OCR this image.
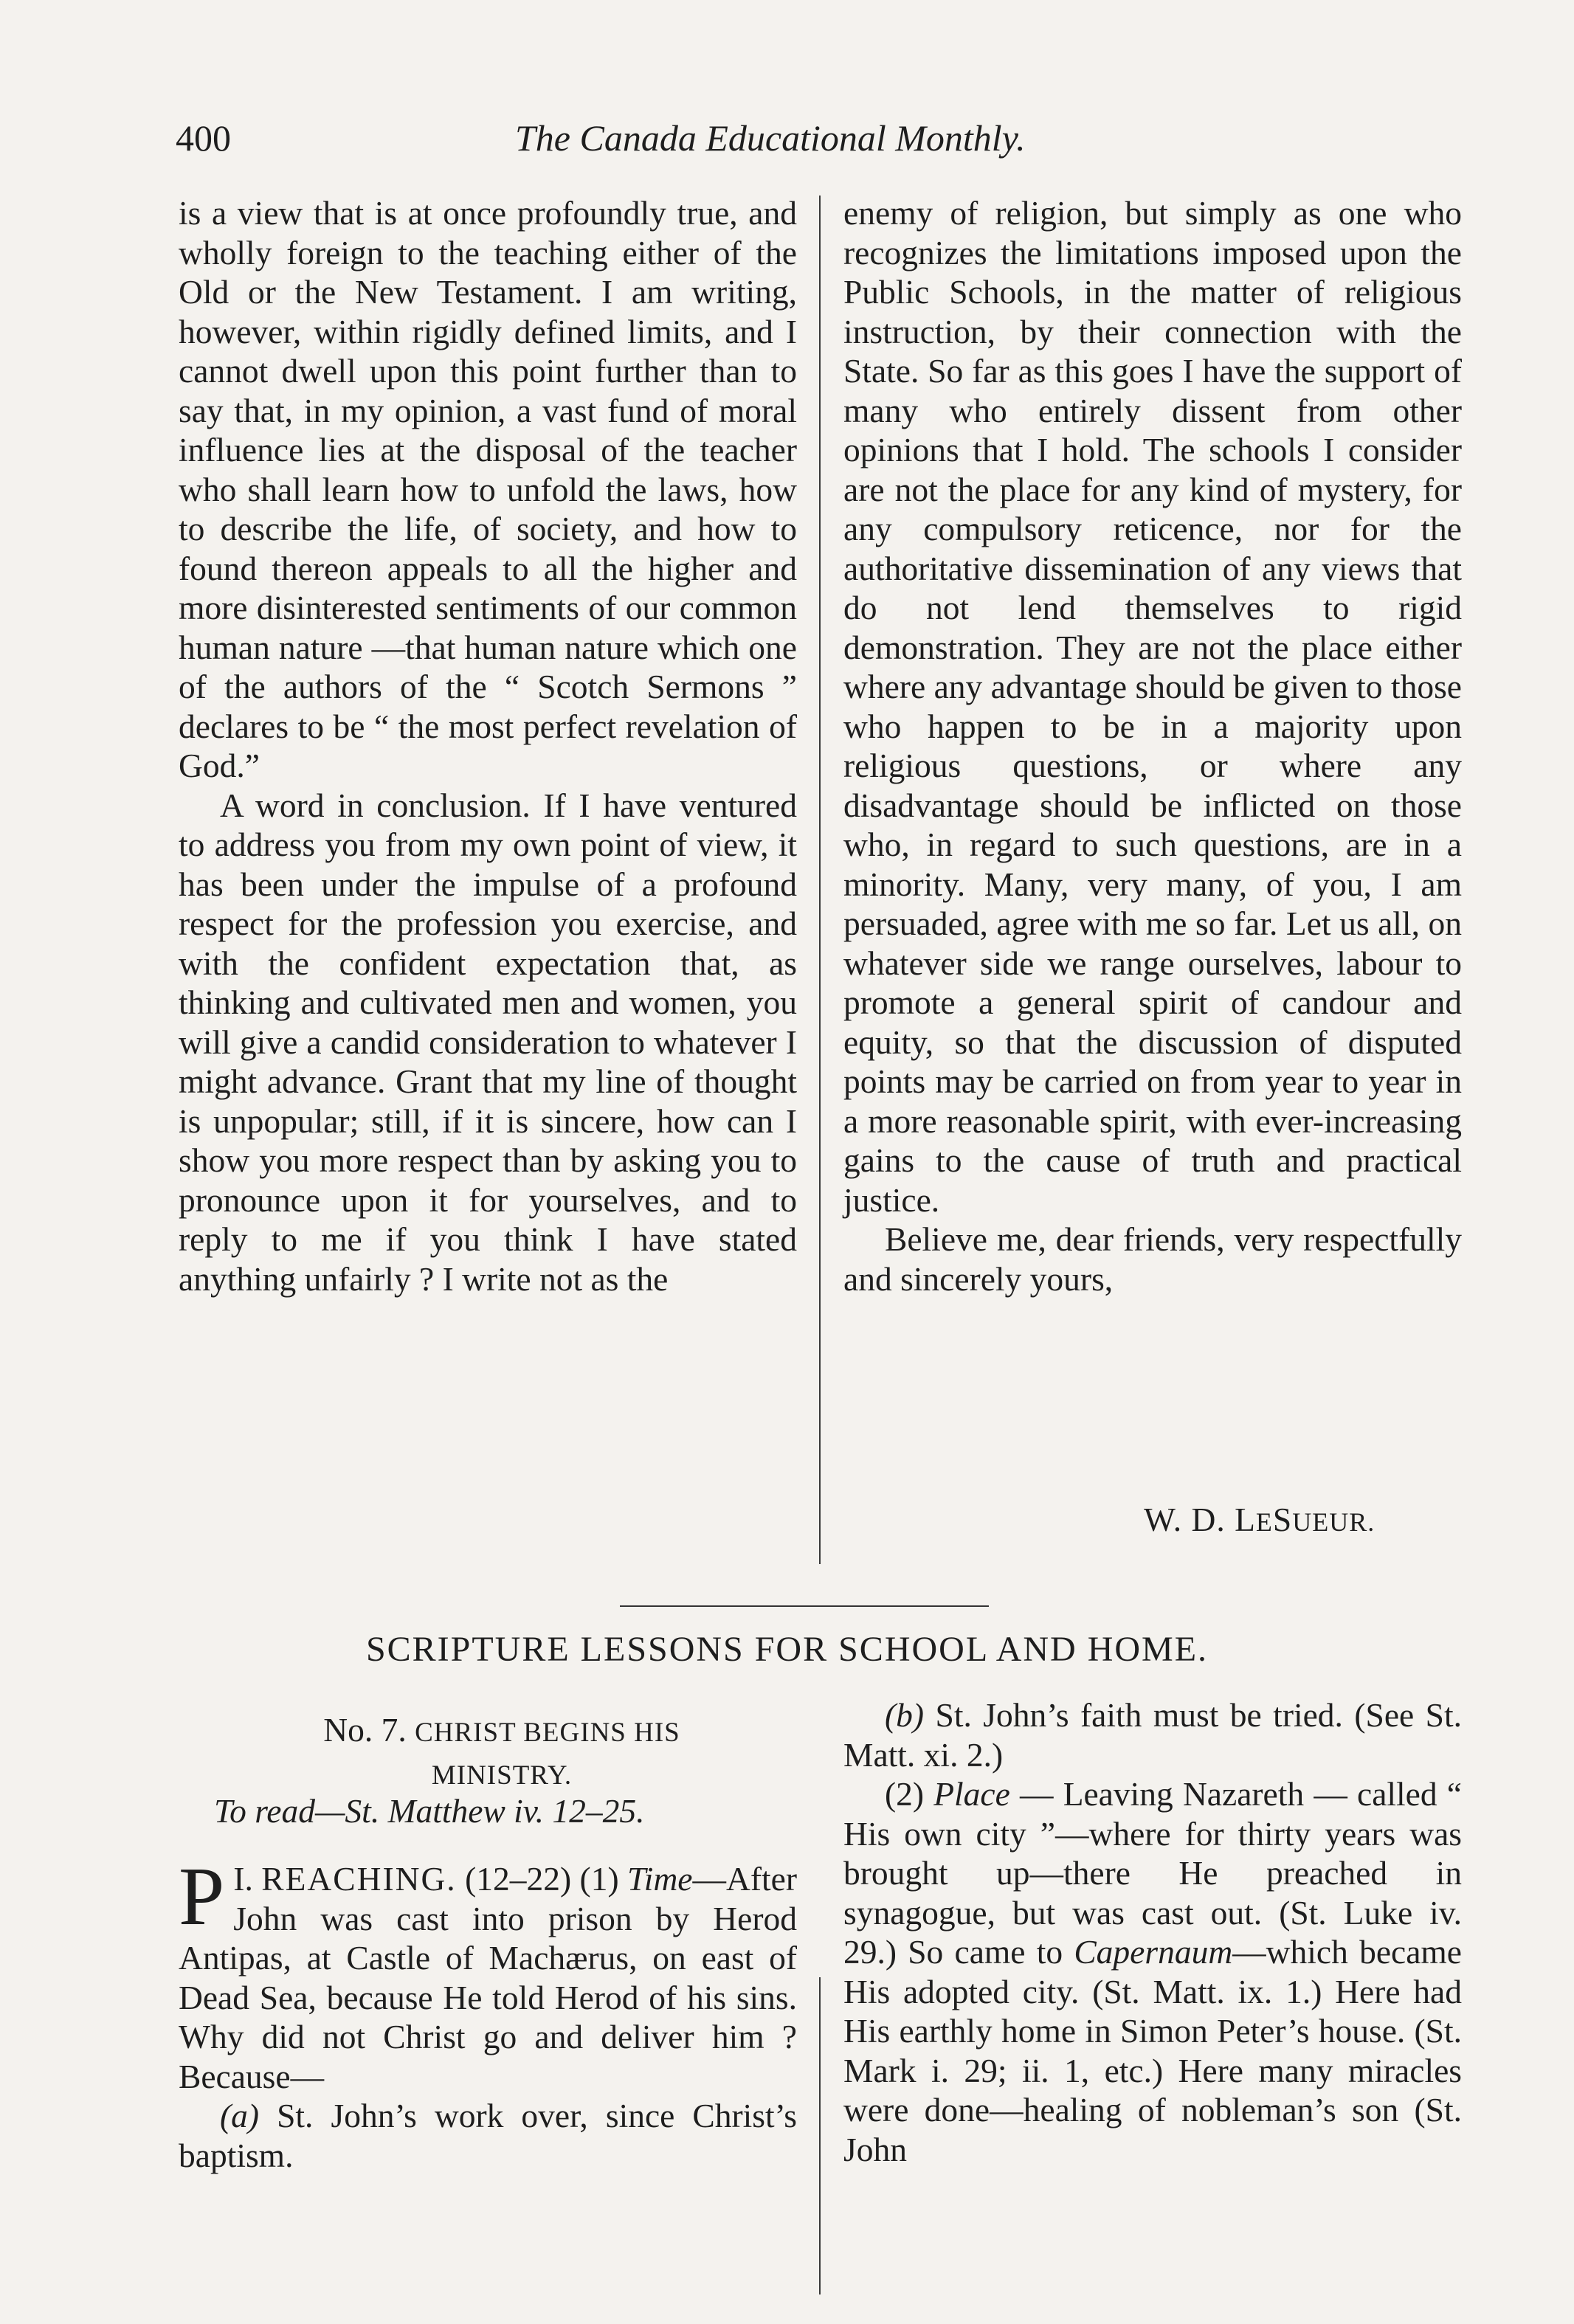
400	The Canada Educational Monthly.

is a view that is at once profoundly true, and wholly foreign to the teaching either of the Old or the New Testament. I am writing, however, within rigidly defined limits, and I cannot dwell upon this point further than to say that, in my opinion, a vast fund of moral influence lies at the disposal of the teacher who shall learn how to unfold the laws, how to describe the life, of society, and how to found thereon appeals to all the higher and more disinterested sentiments of our common human nature —that human nature which one of the authors of the “ Scotch Sermons ” declares to be “ the most perfect revelation of God.”

A word in conclusion. If I have ventured to address you from my own point of view, it has been under the impulse of a profound respect for the profession you exercise, and with the confident expectation that, as thinking and cultivated men and women, you will give a candid consideration to whatever I might advance. Grant that my line of thought is unpopular; still, if it is sincere, how can I show you more respect than by asking you to pronounce upon it for yourselves, and to reply to me if you think I have stated anything unfairly ? I write not as the

enemy of religion, but simply as one who recognizes the limitations imposed upon the Public Schools, in the matter of religious instruction, by their connection with the State. So far as this goes I have the support of many who entirely dissent from other opinions that I hold. The schools I consider are not the place for any kind of mystery, for any compulsory reticence, nor for the authoritative dissemination of any views that do not lend themselves to rigid demonstration. They are not the place either where any advantage should be given to those who happen to be in a majority upon religious questions, or where any disadvantage should be inflicted on those who, in regard to such questions, are in a minority. Many, very many, of you, I am persuaded, agree with me so far. Let us all, on whatever side we range ourselves, labour to promote a general spirit of candour and equity, so that the discussion of disputed points may be carried on from year to year in a more reasonable spirit, with ever-increasing gains to the cause of truth and practical justice.

Believe me, dear friends, very respectfully and sincerely yours,

W. D. LESUEUR.
SCRIPTURE LESSONS FOR SCHOOL AND HOME.
No. 7. CHRIST BEGINS HIS
MINISTRY.
To read—St. Matthew iv. 12–25.

I.
P REACHING. (12–22) (1) Time—After John was cast into prison by Herod Antipas, at Castle of Machærus, on east of Dead Sea, because He told Herod of his sins. Why did not Christ go and deliver him ? Because—

(a) St. John’s work over, since Christ’s baptism.

(b) St. John’s faith must be tried. (See St. Matt. xi. 2.)

(2) Place — Leaving Nazareth — called “ His own city ”—where for thirty years was brought up—there He preached in synagogue, but was cast out. (St. Luke iv. 29.) So came to Capernaum—which became His adopted city. (St. Matt. ix. 1.) Here had His earthly home in Simon Peter’s house. (St. Mark i. 29; ii. 1, etc.) Here many miracles were done—healing of nobleman’s son (St. John
